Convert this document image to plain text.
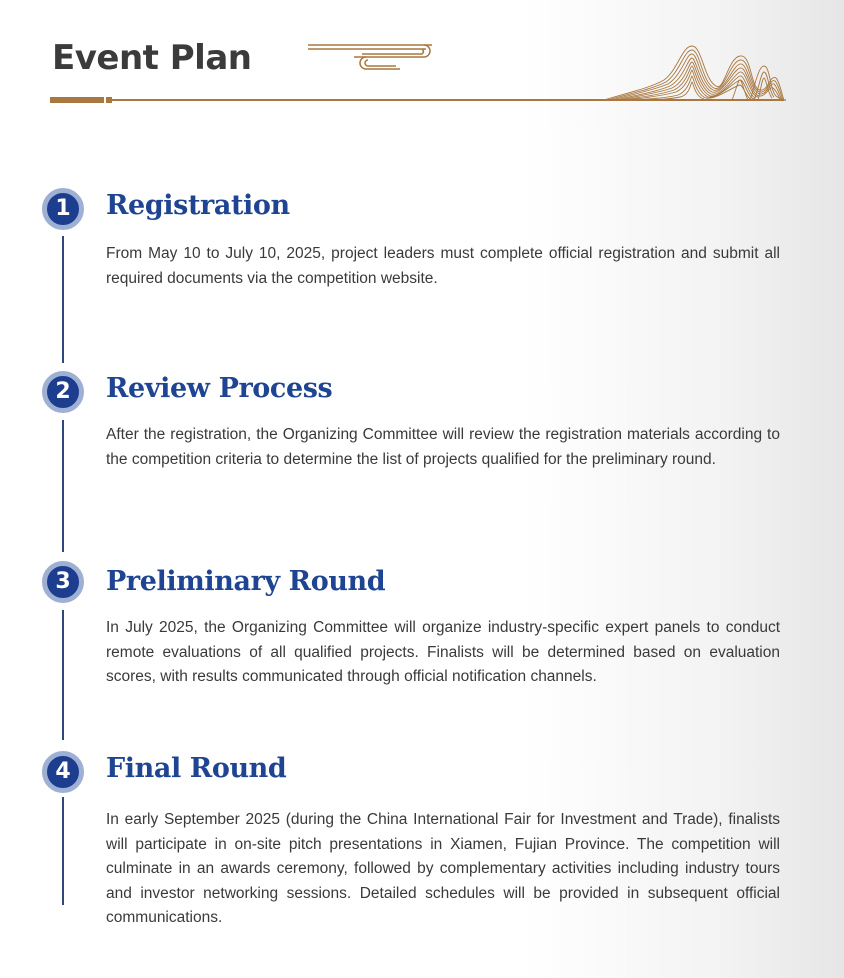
Event Plan
1	Registration

From May 10 to July 10, 2025, project leaders must complete official registration and submit all required documents via the competition website.

2	Review Process

After the registration, the Organizing Committee will review the registration materials according to the competition criteria to determine the list of projects qualified for the preliminary round.

3	Preliminary Round

In July 2025, the Organizing Committee will organize industry-specific expert panels to conduct remote evaluations of all qualified projects. Finalists will be determined based on evaluation scores, with results communicated through official notification channels.

4	Final Round

In early September 2025 (during the China International Fair for Investment and Trade), finalists will participate in on-site pitch presentations in Xiamen, Fujian Province. The competition will culminate in an awards ceremony, followed by complementary activities including industry tours and investor networking sessions. Detailed schedules will be provided in subsequent official communications.
